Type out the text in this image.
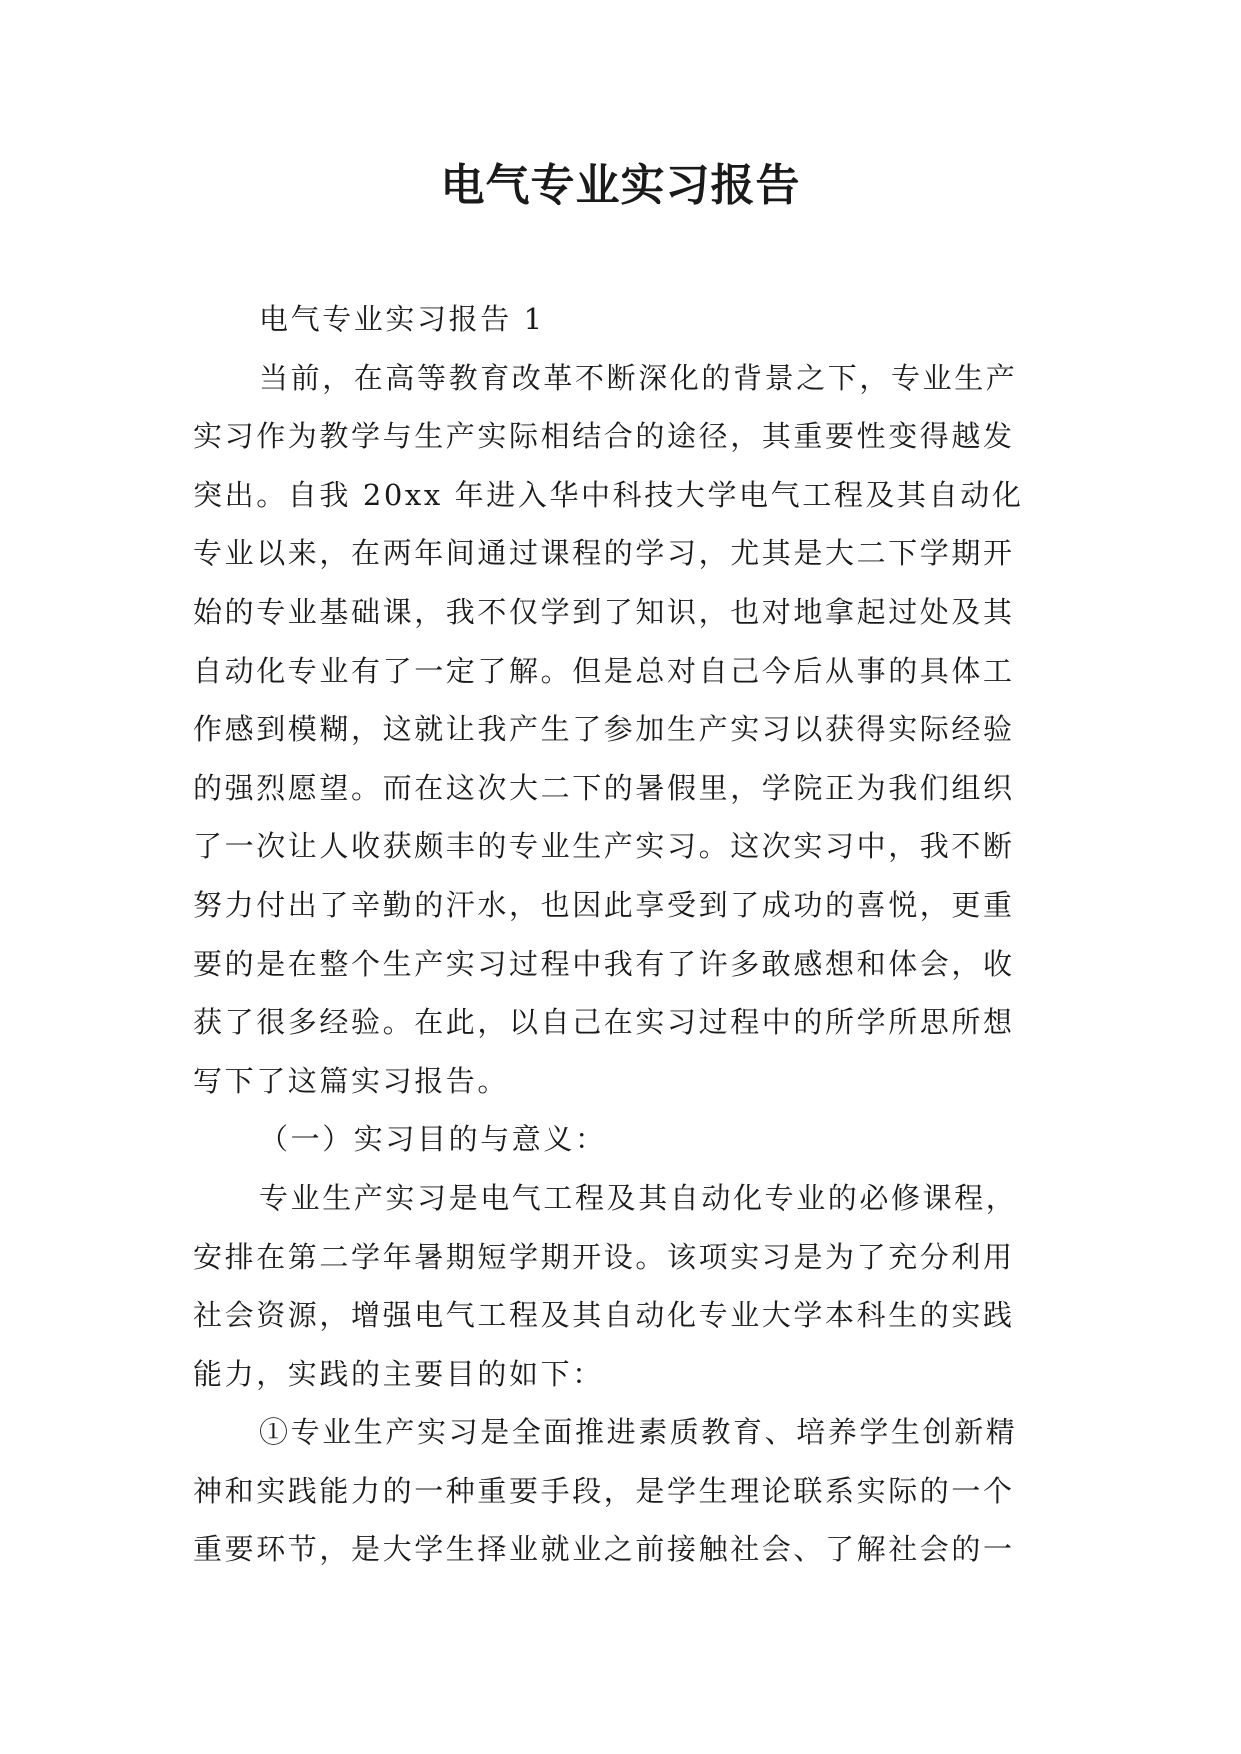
电气专业实习报告
电气专业实习报告 1
当前，在高等教育改革不断深化的背景之下，专业生产
实习作为教学与生产实际相结合的途径，其重要性变得越发
突出。自我 20xx 年进入华中科技大学电气工程及其自动化
专业以来，在两年间通过课程的学习，尤其是大二下学期开
始的专业基础课，我不仅学到了知识，也对地拿起过处及其
自动化专业有了一定了解。但是总对自己今后从事的具体工
作感到模糊，这就让我产生了参加生产实习以获得实际经验
的强烈愿望。而在这次大二下的暑假里，学院正为我们组织
了一次让人收获颇丰的专业生产实习。这次实习中，我不断
努力付出了辛勤的汗水，也因此享受到了成功的喜悦，更重
要的是在整个生产实习过程中我有了许多敢感想和体会，收
获了很多经验。在此，以自己在实习过程中的所学所思所想
写下了这篇实习报告。
（一）实习目的与意义：
专业生产实习是电气工程及其自动化专业的必修课程，
安排在第二学年暑期短学期开设。该项实习是为了充分利用
社会资源，增强电气工程及其自动化专业大学本科生的实践
能力，实践的主要目的如下：
①专业生产实习是全面推进素质教育、培养学生创新精
神和实践能力的一种重要手段，是学生理论联系实际的一个
重要环节，是大学生择业就业之前接触社会、了解社会的一
